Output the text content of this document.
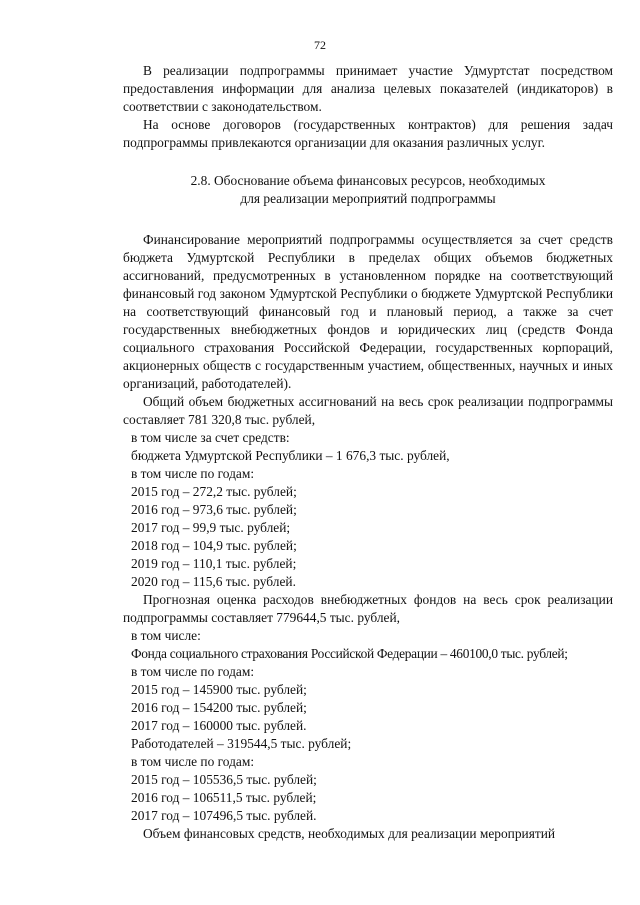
72

В реализации подпрограммы принимает участие Удмуртстат посредством предоставления информации для анализа целевых показателей (индикаторов) в соответствии с законодательством.

На основе договоров (государственных контрактов) для решения задач подпрограммы привлекаются организации для оказания различных услуг.

2.8. Обоснование объема финансовых ресурсов, необходимых
для реализации мероприятий подпрограммы

Финансирование мероприятий подпрограммы осуществляется за счет средств бюджета Удмуртской Республики в пределах общих объемов бюджетных ассигнований, предусмотренных в установленном порядке на соответствующий финансовый год законом Удмуртской Республики о бюджете Удмуртской Республики на соответствующий финансовый год и плановый период, а также за счет государственных внебюджетных фондов и юридических лиц (средств Фонда социального страхования Российской Федерации, государственных корпораций, акционерных обществ с государственным участием, общественных, научных и иных организаций, работодателей).

Общий объем бюджетных ассигнований на весь срок реализации подпрограммы составляет 781 320,8 тыс. рублей,

в том числе за счет средств:

бюджета Удмуртской Республики – 1 676,3 тыс. рублей,

в том числе по годам:

2015 год – 272,2 тыс. рублей;

2016 год – 973,6 тыс. рублей;

2017 год – 99,9 тыс. рублей;

2018 год – 104,9 тыс. рублей;

2019 год – 110,1 тыс. рублей;

2020 год – 115,6 тыс. рублей.

Прогнозная оценка расходов внебюджетных фондов на весь срок реализации подпрограммы составляет 779644,5 тыс. рублей,

в том числе:

Фонда социального страхования Российской Федерации – 460100,0 тыс. рублей;

в том числе по годам:

2015 год – 145900 тыс. рублей;

2016 год – 154200 тыс. рублей;

2017 год – 160000 тыс. рублей.

Работодателей – 319544,5 тыс. рублей;

в том числе по годам:

2015 год – 105536,5 тыс. рублей;

2016 год – 106511,5 тыс. рублей;

2017 год – 107496,5 тыс. рублей.

Объем финансовых средств, необходимых для реализации мероприятий
